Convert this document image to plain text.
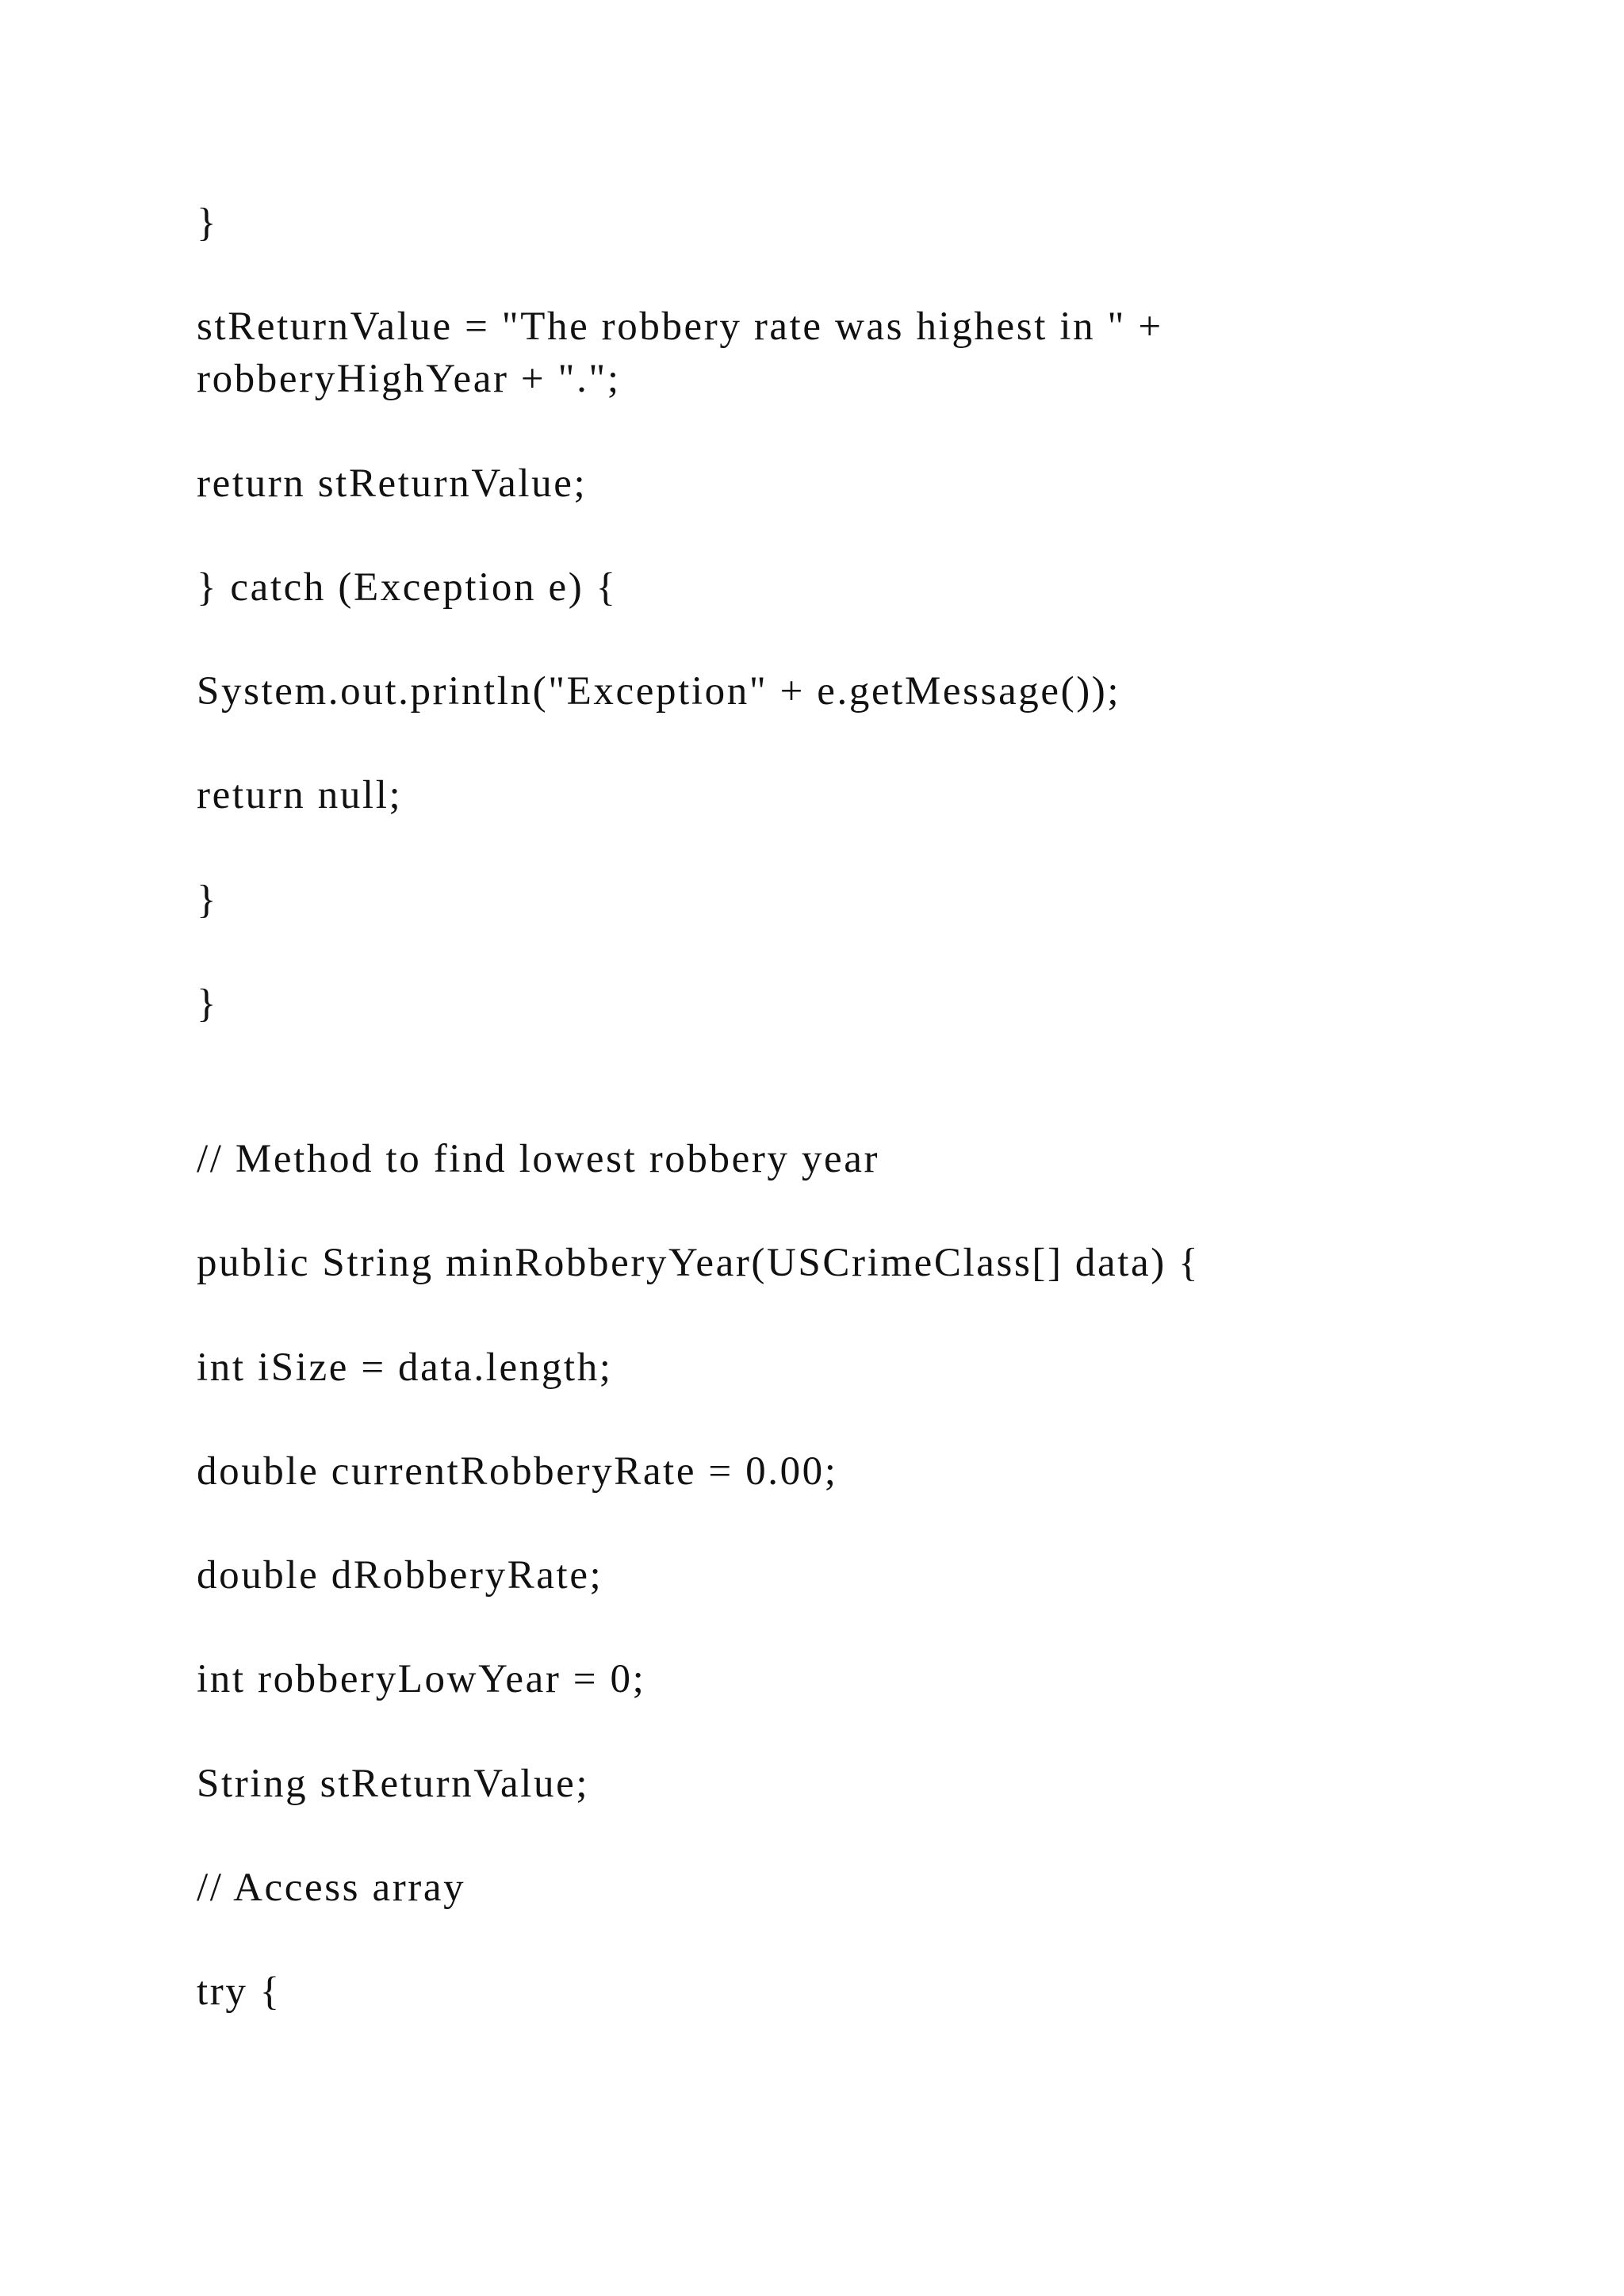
}

stReturnValue = "The robbery rate was highest in " +

robberyHighYear + ".";

return stReturnValue;

} catch (Exception e) {

System.out.println("Exception" + e.getMessage());

return null;

}

}

// Method to find lowest robbery year

public String minRobberyYear(USCrimeClass[] data) {

int iSize = data.length;

double currentRobberyRate = 0.00;

double dRobberyRate;

int robberyLowYear = 0;

String stReturnValue;

// Access array

try {
